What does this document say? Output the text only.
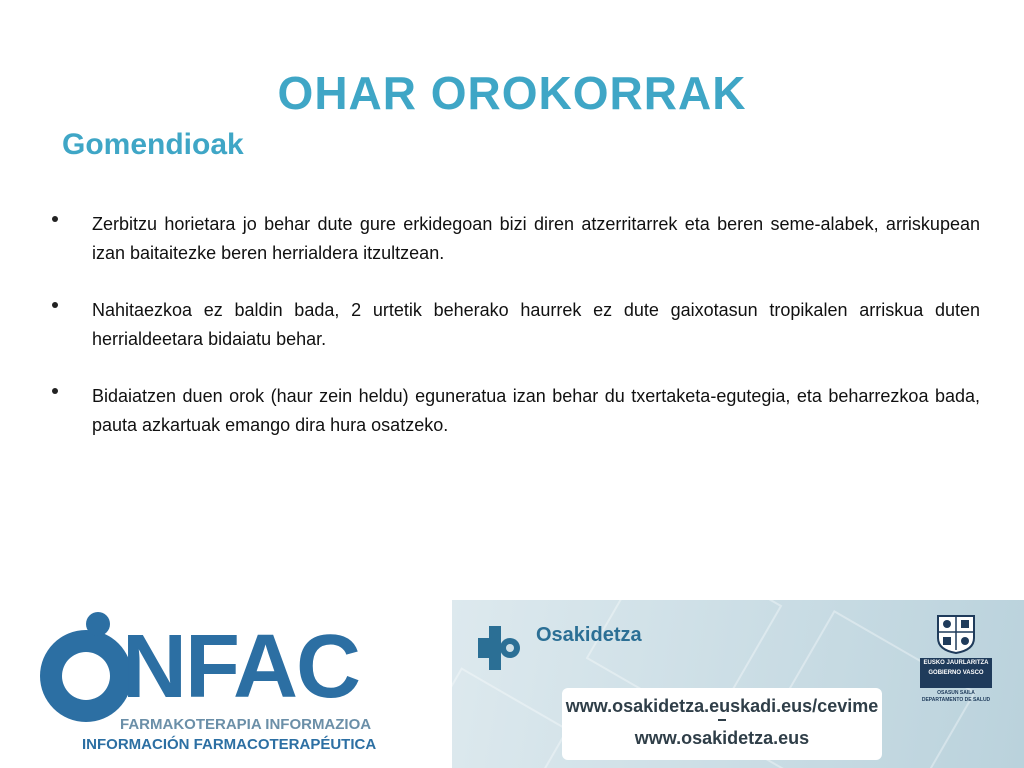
OHAR OROKORRAK
Gomendioak
Zerbitzu horietara jo behar dute gure erkidegoan bizi diren atzerritarrek eta beren seme-alabek, arriskupean izan baitaitezke beren herrialdera itzultzean.
Nahitaezkoa ez baldin bada, 2 urtetik beherako haurrek ez dute gaixotasun tropikalen arriskua duten herrialdeetara bidaiatu behar.
Bidaiatzen duen orok (haur zein heldu) eguneratua izan behar du txertaketa-egutegia, eta beharrezkoa bada, pauta azkartuak emango dira hura osatzeko.
NFAC
FARMAKOTERAPIA INFORMAZIOA
INFORMACIÓN FARMACOTERAPÉUTICA
Osakidetza
www.osakidetza.euskadi.eus/cevime
www.osakidetza.eus
EUSKO JAURLARITZA
GOBIERNO VASCO
OSASUN SAILA
DEPARTAMENTO DE SALUD
